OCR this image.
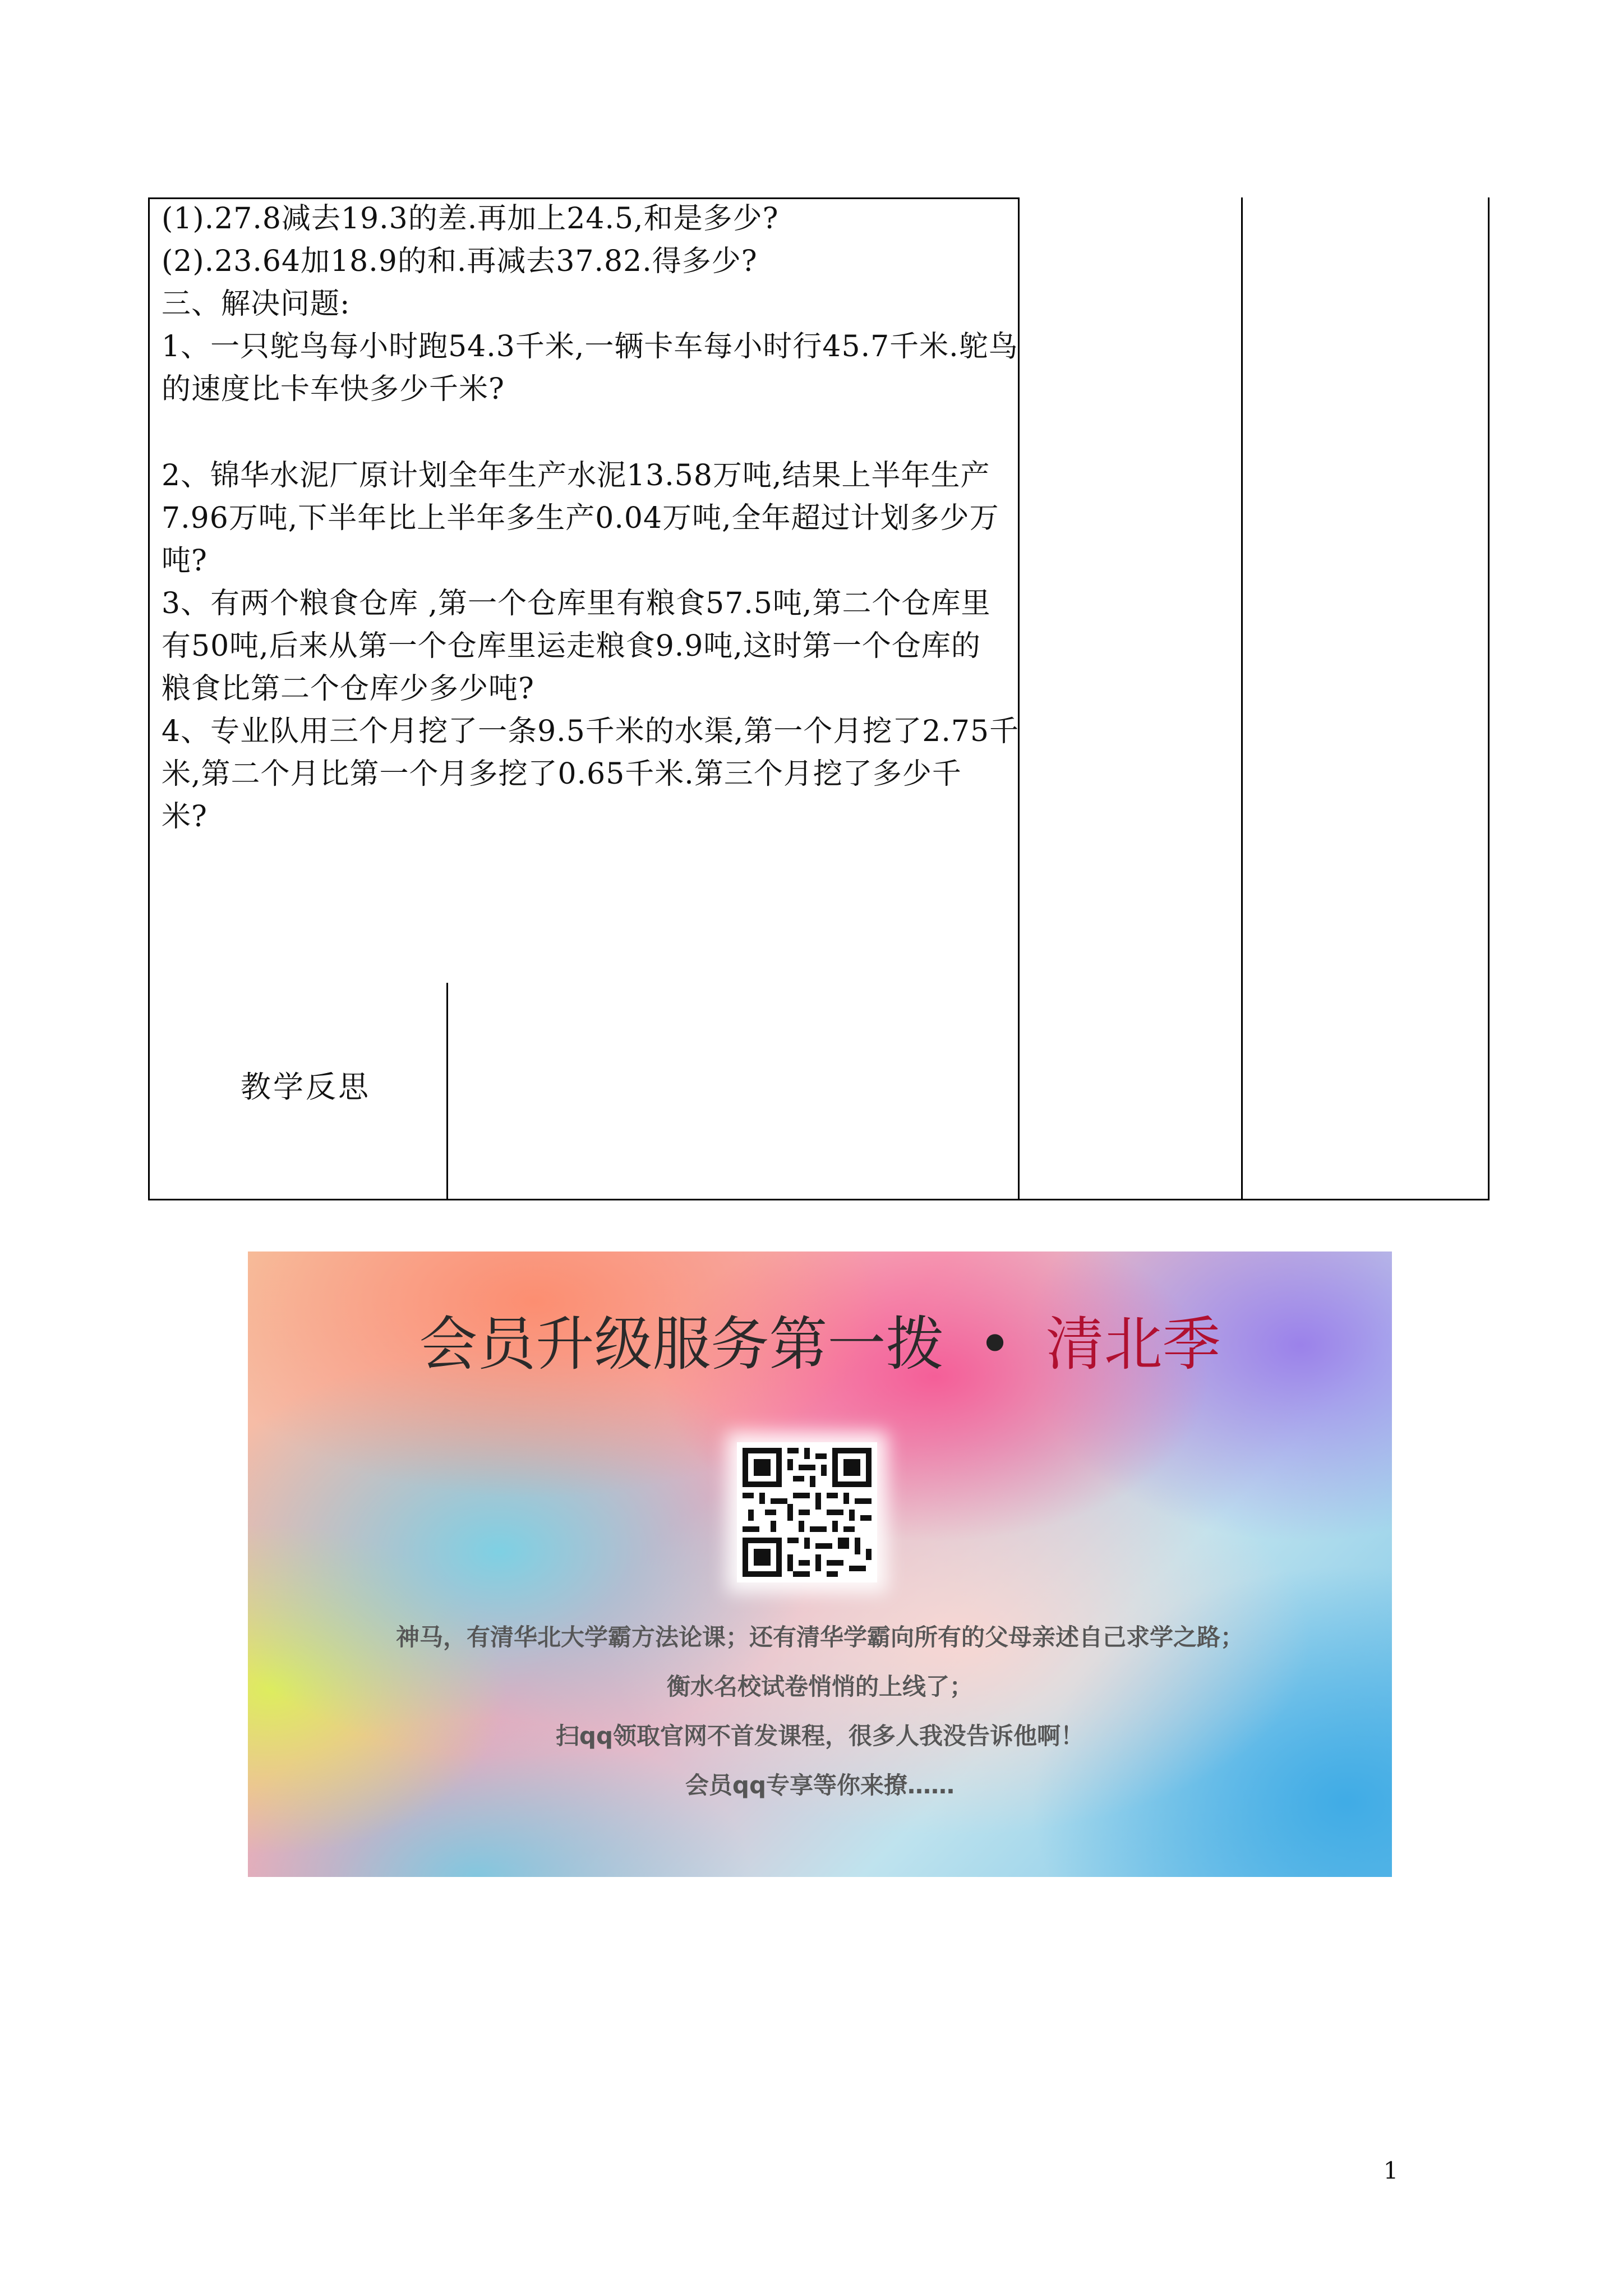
(1).27.8减去19.3的差.再加上24.5,和是多少?
(2).23.64加18.9的和.再减去37.82.得多少?
三、解决问题:
1、一只鸵鸟每小时跑54.3千米,一辆卡车每小时行45.7千米.鸵鸟
的速度比卡车快多少千米?
2、锦华水泥厂原计划全年生产水泥13.58万吨,结果上半年生产
7.96万吨,下半年比上半年多生产0.04万吨,全年超过计划多少万
吨?
3、有两个粮食仓库 ,第一个仓库里有粮食57.5吨,第二个仓库里
有50吨,后来从第一个仓库里运走粮食9.9吨,这时第一个仓库的
粮食比第二个仓库少多少吨?
4、专业队用三个月挖了一条9.5千米的水渠,第一个月挖了2.75千
米,第二个月比第一个月多挖了0.65千米.第三个月挖了多少千
米?
教学反思
会员升级服务第一拨 • 清北季
神马，有清华北大学霸方法论课；还有清华学霸向所有的父母亲述自己求学之路；
衡水名校试卷悄悄的上线了；
扫qq领取官网不首发课程，很多人我没告诉他啊！
会员qq专享等你来撩……
1
